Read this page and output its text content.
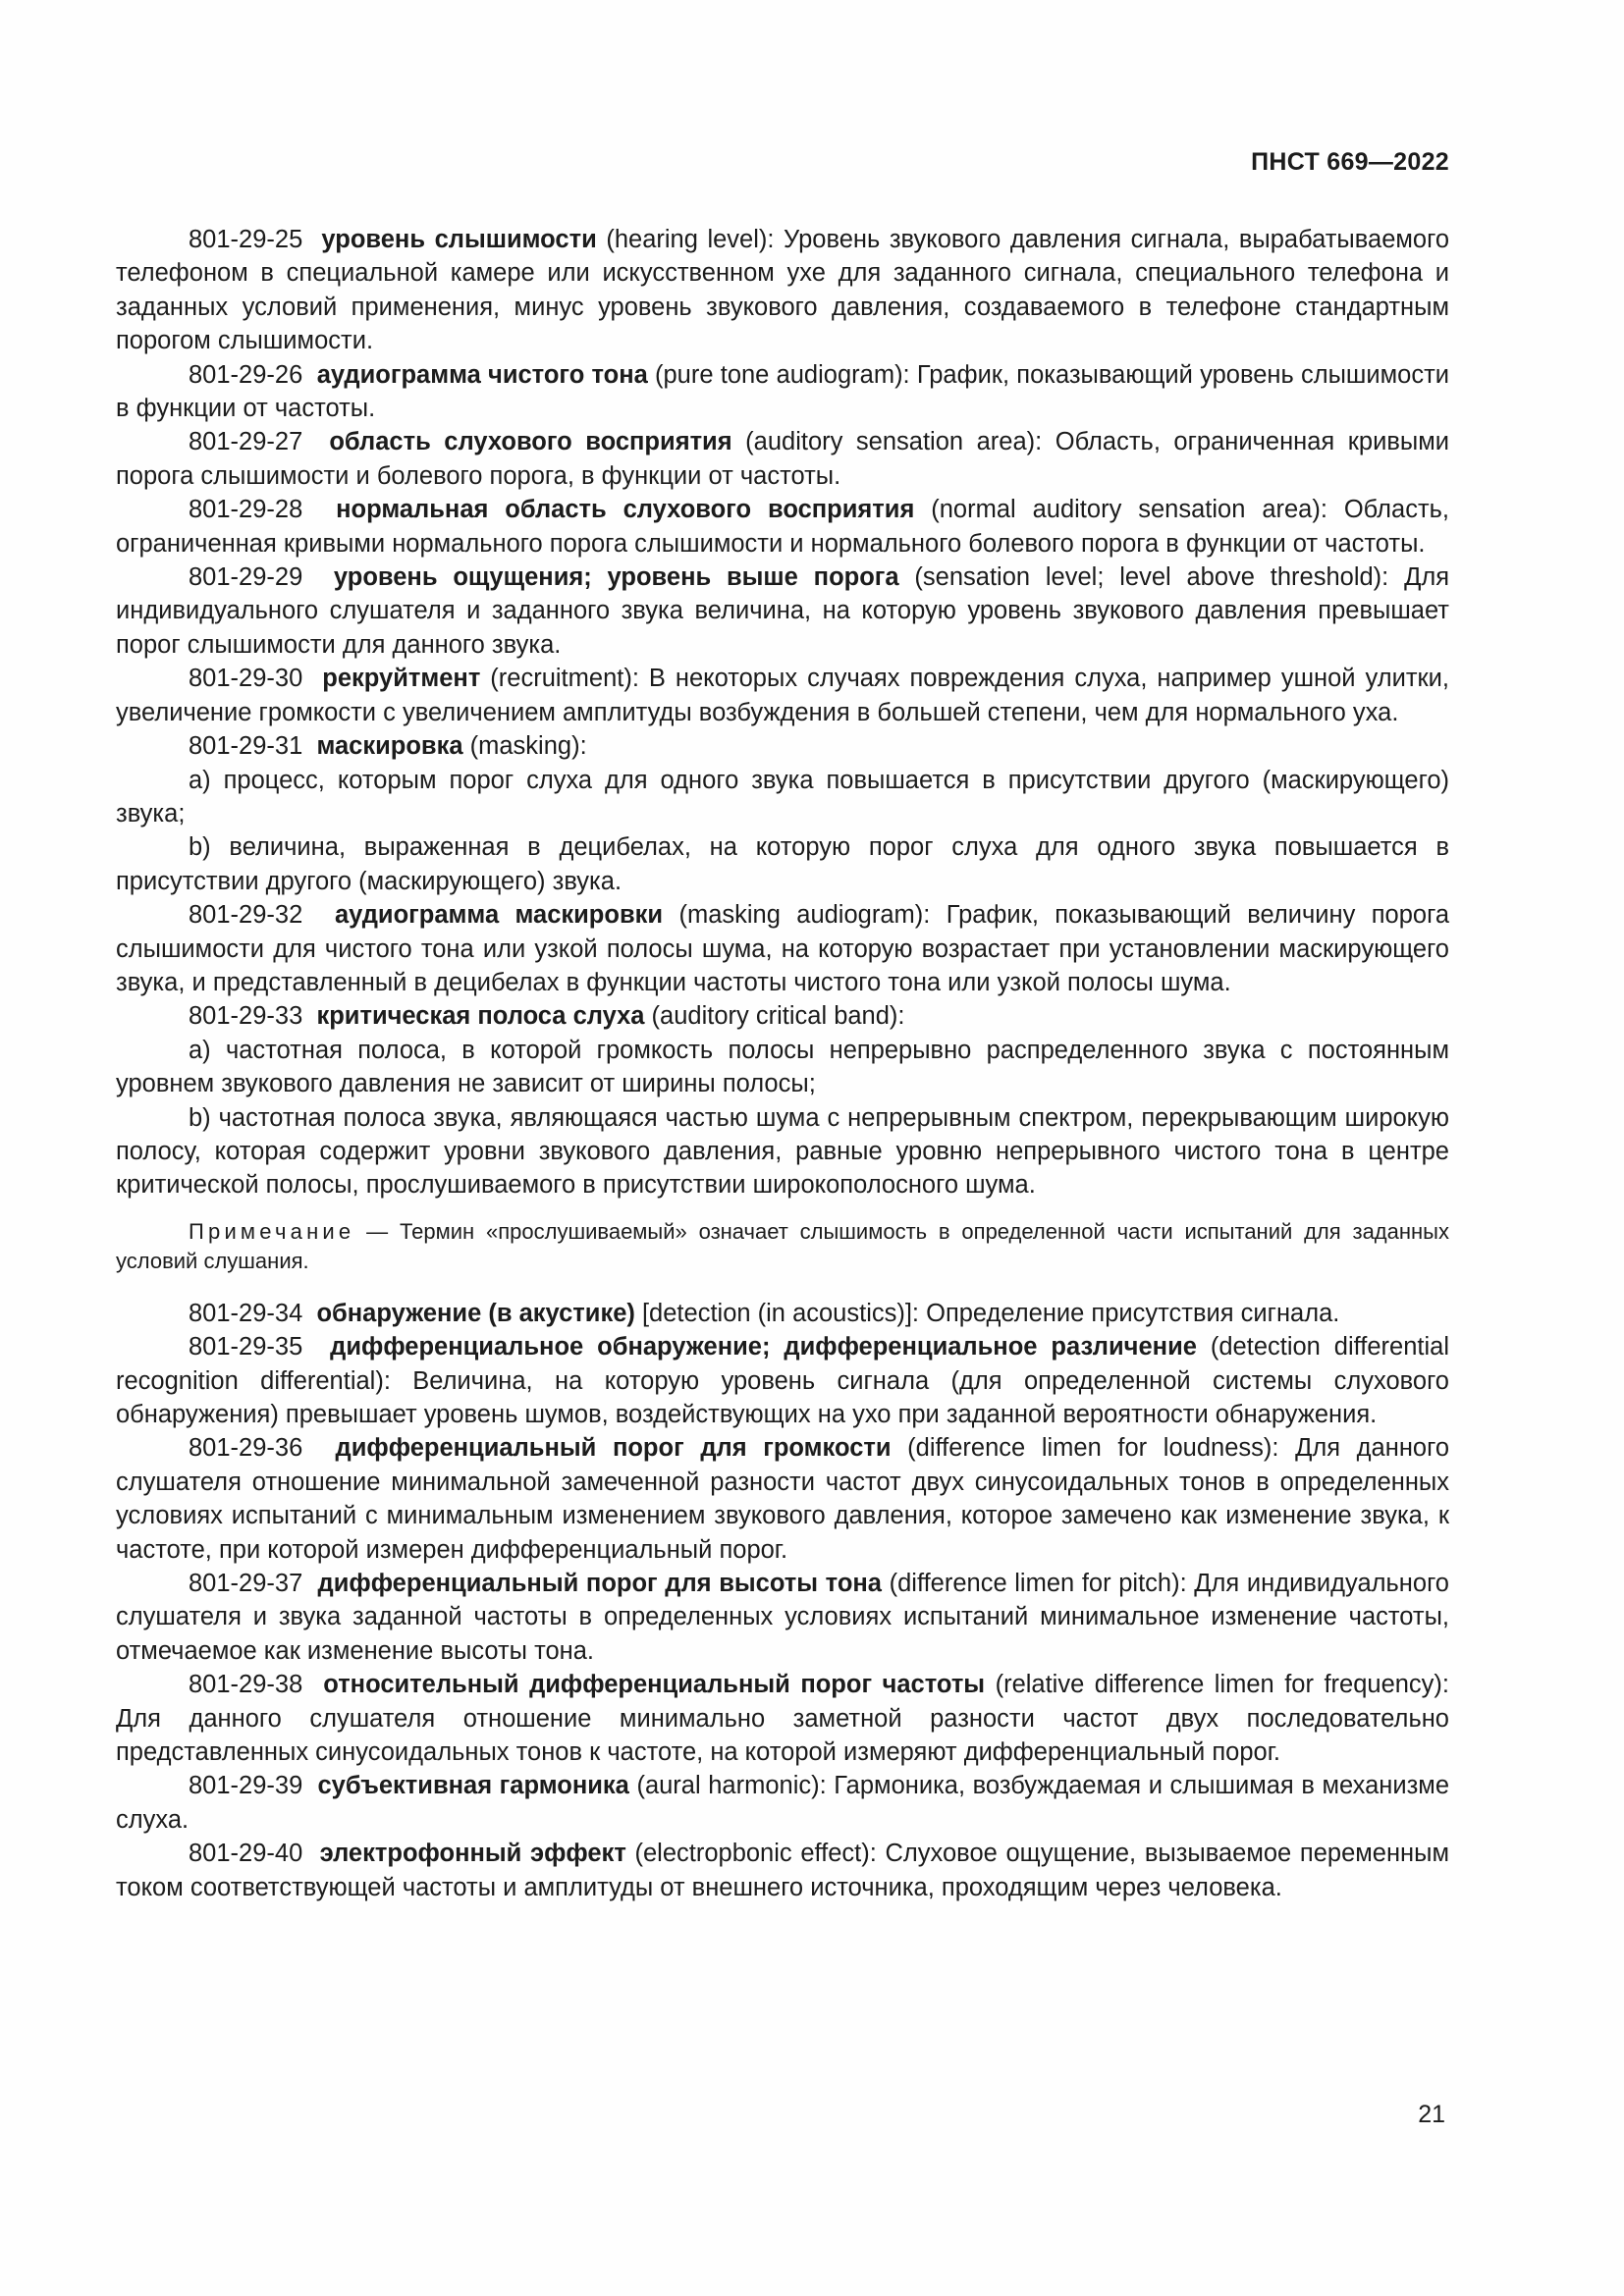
ПНСТ 669—2022

801-29-25 уровень слышимости (hearing level): Уровень звукового давления сигнала, вырабатываемого телефоном в специальной камере или искусственном ухе для заданного сигнала, специального телефона и заданных условий применения, минус уровень звукового давления, создаваемого в телефоне стандартным порогом слышимости.

801-29-26 аудиограмма чистого тона (pure tone audiogram): График, показывающий уровень слышимости в функции от частоты.

801-29-27 область слухового восприятия (auditory sensation area): Область, ограниченная кривыми порога слышимости и болевого порога, в функции от частоты.

801-29-28 нормальная область слухового восприятия (normal auditory sensation area): Область, ограниченная кривыми нормального порога слышимости и нормального болевого порога в функции от частоты.

801-29-29 уровень ощущения; уровень выше порога (sensation level; level above threshold): Для индивидуального слушателя и заданного звука величина, на которую уровень звукового давления превышает порог слышимости для данного звука.

801-29-30 рекруйтмент (recruitment): В некоторых случаях повреждения слуха, например ушной улитки, увеличение громкости с увеличением амплитуды возбуждения в большей степени, чем для нормального уха.

801-29-31 маскировка (masking):

a) процесс, которым порог слуха для одного звука повышается в присутствии другого (маскирующего) звука;

b) величина, выраженная в децибелах, на которую порог слуха для одного звука повышается в присутствии другого (маскирующего) звука.

801-29-32 аудиограмма маскировки (masking audiogram): График, показывающий величину порога слышимости для чистого тона или узкой полосы шума, на которую возрастает при установлении маскирующего звука, и представленный в децибелах в функции частоты чистого тона или узкой полосы шума.

801-29-33 критическая полоса слуха (auditory critical band):

a) частотная полоса, в которой громкость полосы непрерывно распределенного звука с постоянным уровнем звукового давления не зависит от ширины полосы;

b) частотная полоса звука, являющаяся частью шума с непрерывным спектром, перекрывающим широкую полосу, которая содержит уровни звукового давления, равные уровню непрерывного чистого тона в центре критической полосы, прослушиваемого в присутствии широкополосного шума.

Примечание — Термин «прослушиваемый» означает слышимость в определенной части испытаний для заданных условий слушания.

801-29-34 обнаружение (в акустике) [detection (in acoustics)]: Определение присутствия сигнала.

801-29-35 дифференциальное обнаружение; дифференциальное различение (detection differential recognition differential): Величина, на которую уровень сигнала (для определенной системы слухового обнаружения) превышает уровень шумов, воздействующих на ухо при заданной вероятности обнаружения.

801-29-36 дифференциальный порог для громкости (difference limen for loudness): Для данного слушателя отношение минимальной замеченной разности частот двух синусоидальных тонов в определенных условиях испытаний с минимальным изменением звукового давления, которое замечено как изменение звука, к частоте, при которой измерен дифференциальный порог.

801-29-37 дифференциальный порог для высоты тона (difference limen for pitch): Для индивидуального слушателя и звука заданной частоты в определенных условиях испытаний минимальное изменение частоты, отмечаемое как изменение высоты тона.

801-29-38 относительный дифференциальный порог частоты (relative difference limen for frequency): Для данного слушателя отношение минимально заметной разности частот двух последовательно представленных синусоидальных тонов к частоте, на которой измеряют дифференциальный порог.

801-29-39 субъективная гармоника (aural harmonic): Гармоника, возбуждаемая и слышимая в механизме слуха.

801-29-40 электрофонный эффект (electropbonic effect): Слуховое ощущение, вызываемое переменным током соответствующей частоты и амплитуды от внешнего источника, проходящим через человека.

21
